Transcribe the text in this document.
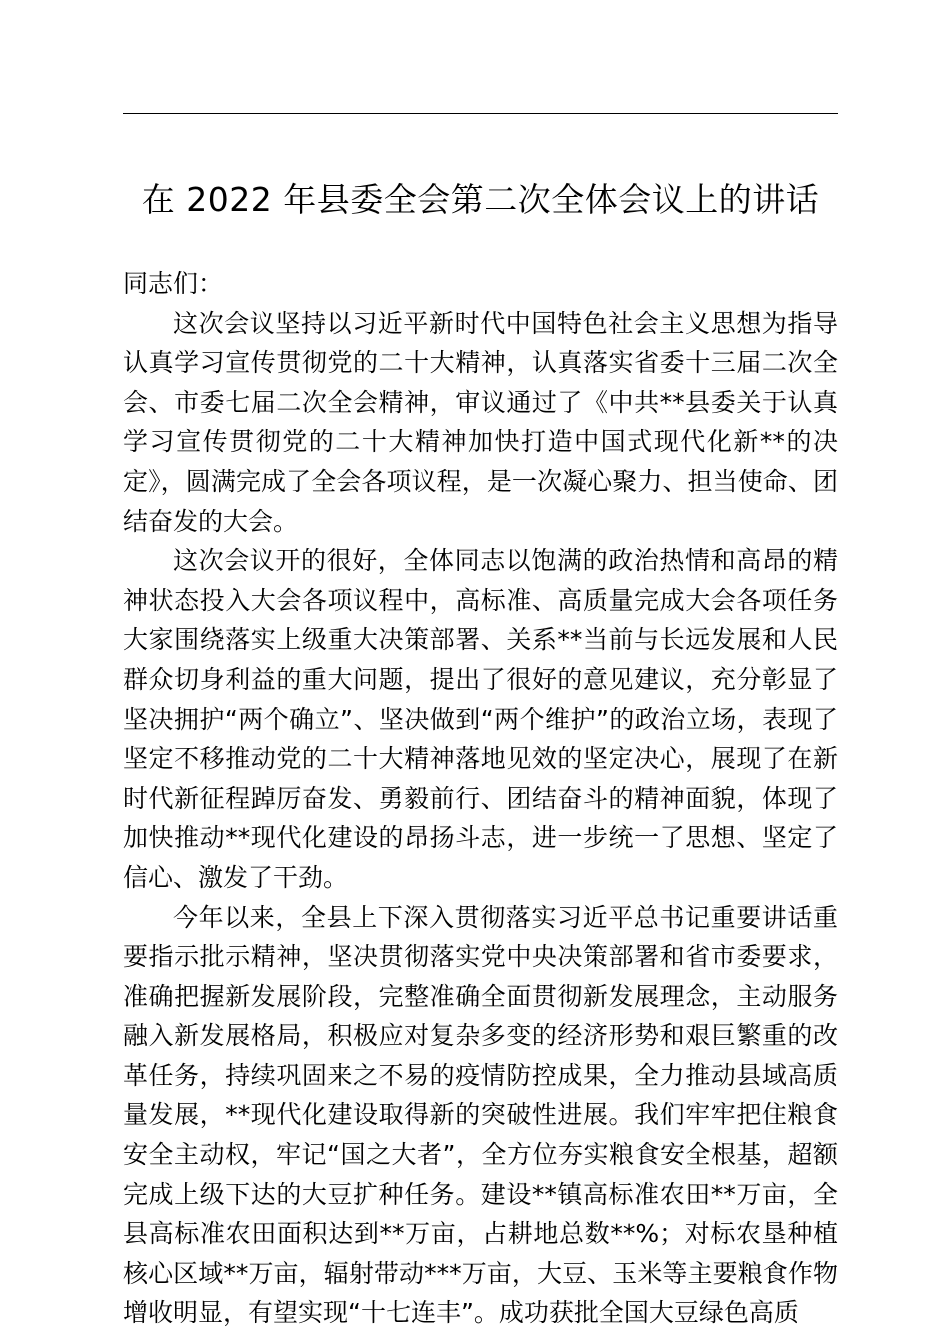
在 2022 年县委全会第二次全体会议上的讲话

同志们：

这次会议坚持以习近平新时代中国特色社会主义思想为指导认真学习宣传贯彻党的二十大精神，认真落实省委十三届二次全会、市委七届二次全会精神，审议通过了《中共**县委关于认真学习宣传贯彻党的二十大精神加快打造中国式现代化新**的决定》，圆满完成了全会各项议程，是一次凝心聚力、担当使命、团结奋发的大会。

这次会议开的很好，全体同志以饱满的政治热情和高昂的精神状态投入大会各项议程中，高标准、高质量完成大会各项任务大家围绕落实上级重大决策部署、关系**当前与长远发展和人民群众切身利益的重大问题，提出了很好的意见建议，充分彰显了坚决拥护“两个确立”、坚决做到“两个维护”的政治立场，表现了坚定不移推动党的二十大精神落地见效的坚定决心，展现了在新时代新征程踔厉奋发、勇毅前行、团结奋斗的精神面貌，体现了加快推动**现代化建设的昂扬斗志，进一步统一了思想、坚定了信心、激发了干劲。

今年以来，全县上下深入贯彻落实习近平总书记重要讲话重要指示批示精神，坚决贯彻落实党中央决策部署和省市委要求，准确把握新发展阶段，完整准确全面贯彻新发展理念，主动服务融入新发展格局，积极应对复杂多变的经济形势和艰巨繁重的改革任务，持续巩固来之不易的疫情防控成果，全力推动县域高质量发展，**现代化建设取得新的突破性进展。我们牢牢把住粮食安全主动权，牢记“国之大者”，全方位夯实粮食安全根基，超额完成上级下达的大豆扩种任务。建设**镇高标准农田**万亩，全县高标准农田面积达到**万亩，占耕地总数**%；对标农垦种植核心区域**万亩，辐射带动***万亩，大豆、玉米等主要粮食作物增收明显，有望实现“十七连丰”。成功获批全国大豆绿色高质
